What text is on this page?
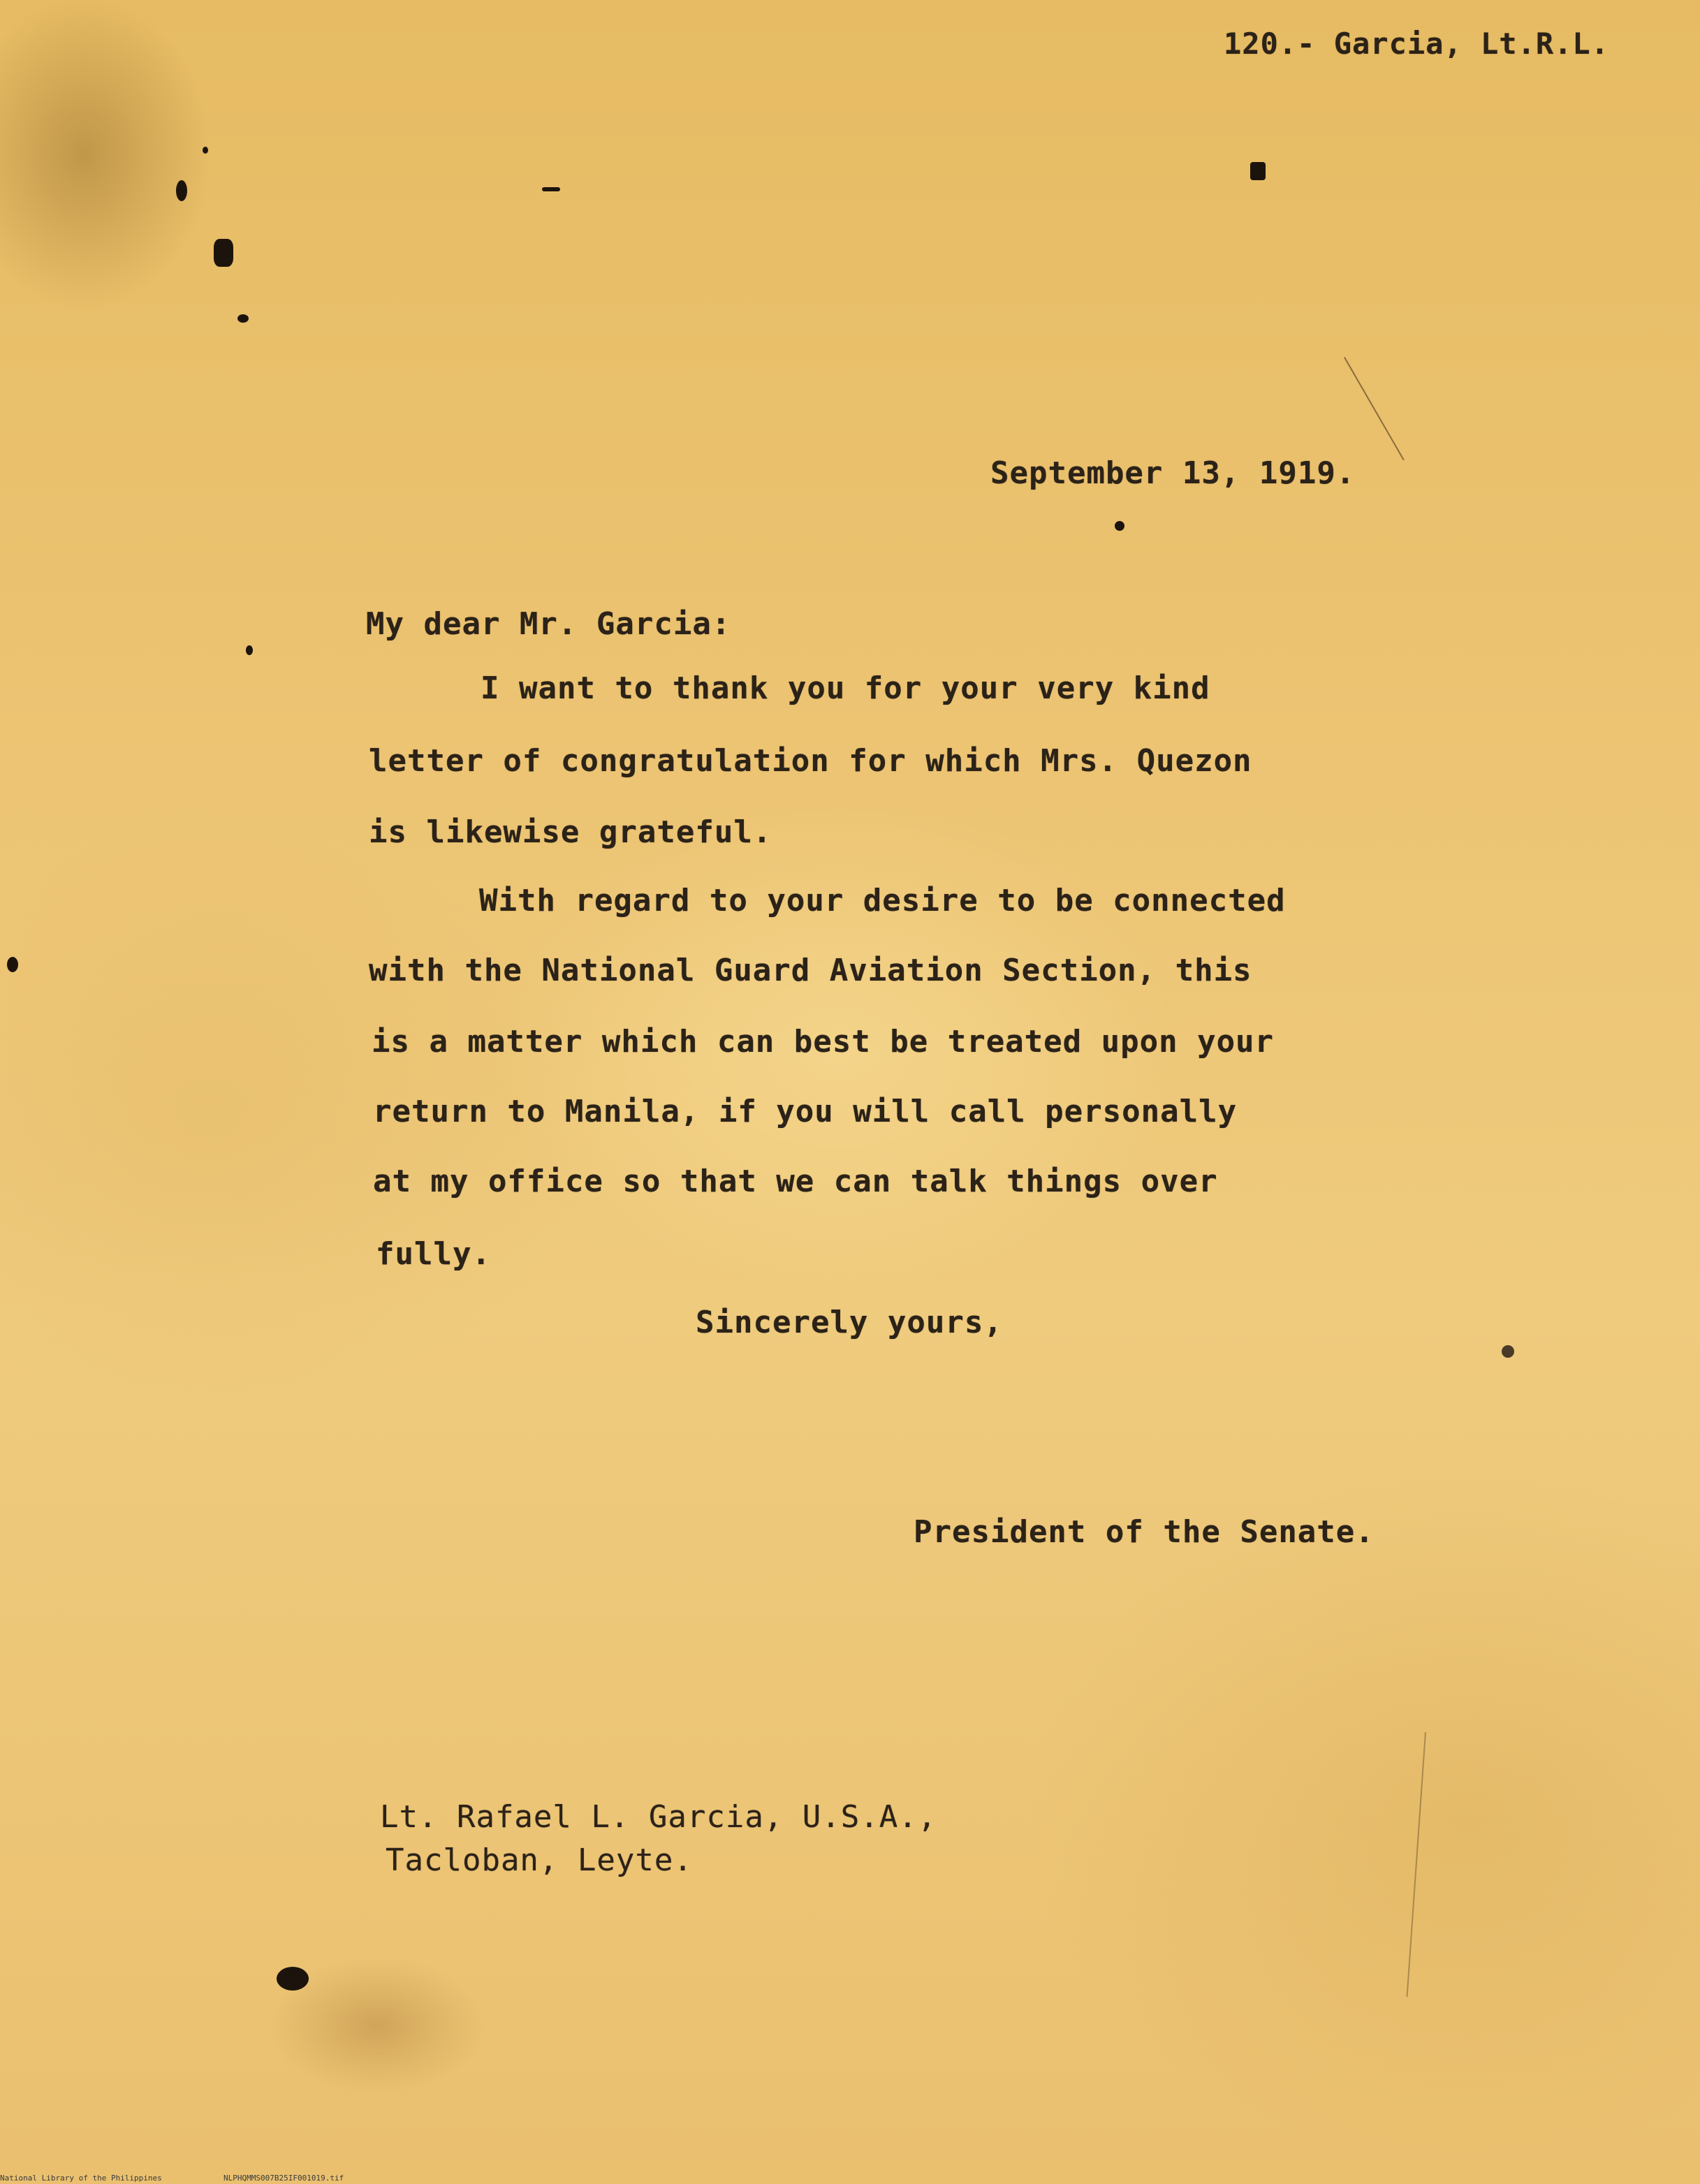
120.- Garcia, Lt.R.L.
September 13, 1919.
My dear Mr. Garcia:
I want to thank you for your very kind
letter of congratulation for which Mrs. Quezon
is likewise grateful.
With regard to your desire to be connected
with the National Guard Aviation Section, this
is a matter which can best be treated upon your
return to Manila, if you will call personally
at my office so that we can talk things over
fully.
Sincerely yours,
President of the Senate.
Lt. Rafael L. Garcia, U.S.A.,
Tacloban, Leyte.
National Library of the Philippines	NLPHQMMS007B25IF001019.tif
